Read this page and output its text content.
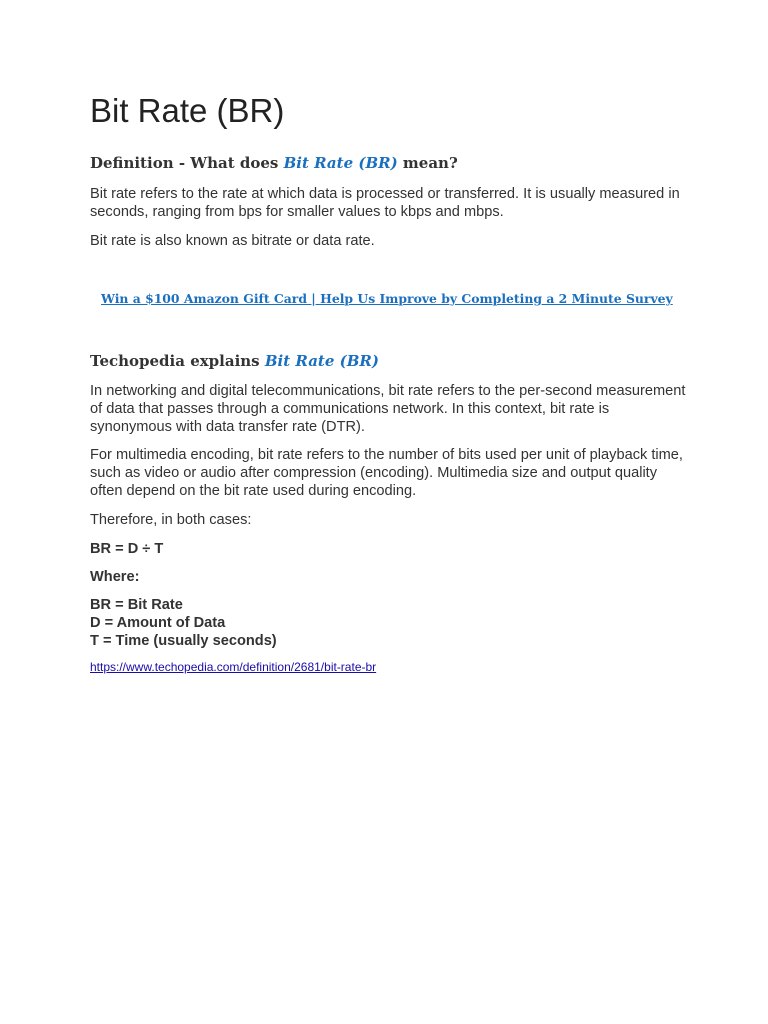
Bit Rate (BR)
Definition - What does Bit Rate (BR) mean?

Bit rate refers to the rate at which data is processed or transferred. It is usually measured in seconds, ranging from bps for smaller values to kbps and mbps.

Bit rate is also known as bitrate or data rate.

Win a $100 Amazon Gift Card | Help Us Improve by Completing a 2 Minute Survey
Techopedia explains Bit Rate (BR)

In networking and digital telecommunications, bit rate refers to the per-second measurement of data that passes through a communications network. In this context, bit rate is synonymous with data transfer rate (DTR).

For multimedia encoding, bit rate refers to the number of bits used per unit of playback time, such as video or audio after compression (encoding). Multimedia size and output quality often depend on the bit rate used during encoding.

Therefore, in both cases:

BR = D ÷ T

Where:

BR = Bit Rate

D = Amount of Data

T = Time (usually seconds)

https://www.techopedia.com/definition/2681/bit-rate-br
